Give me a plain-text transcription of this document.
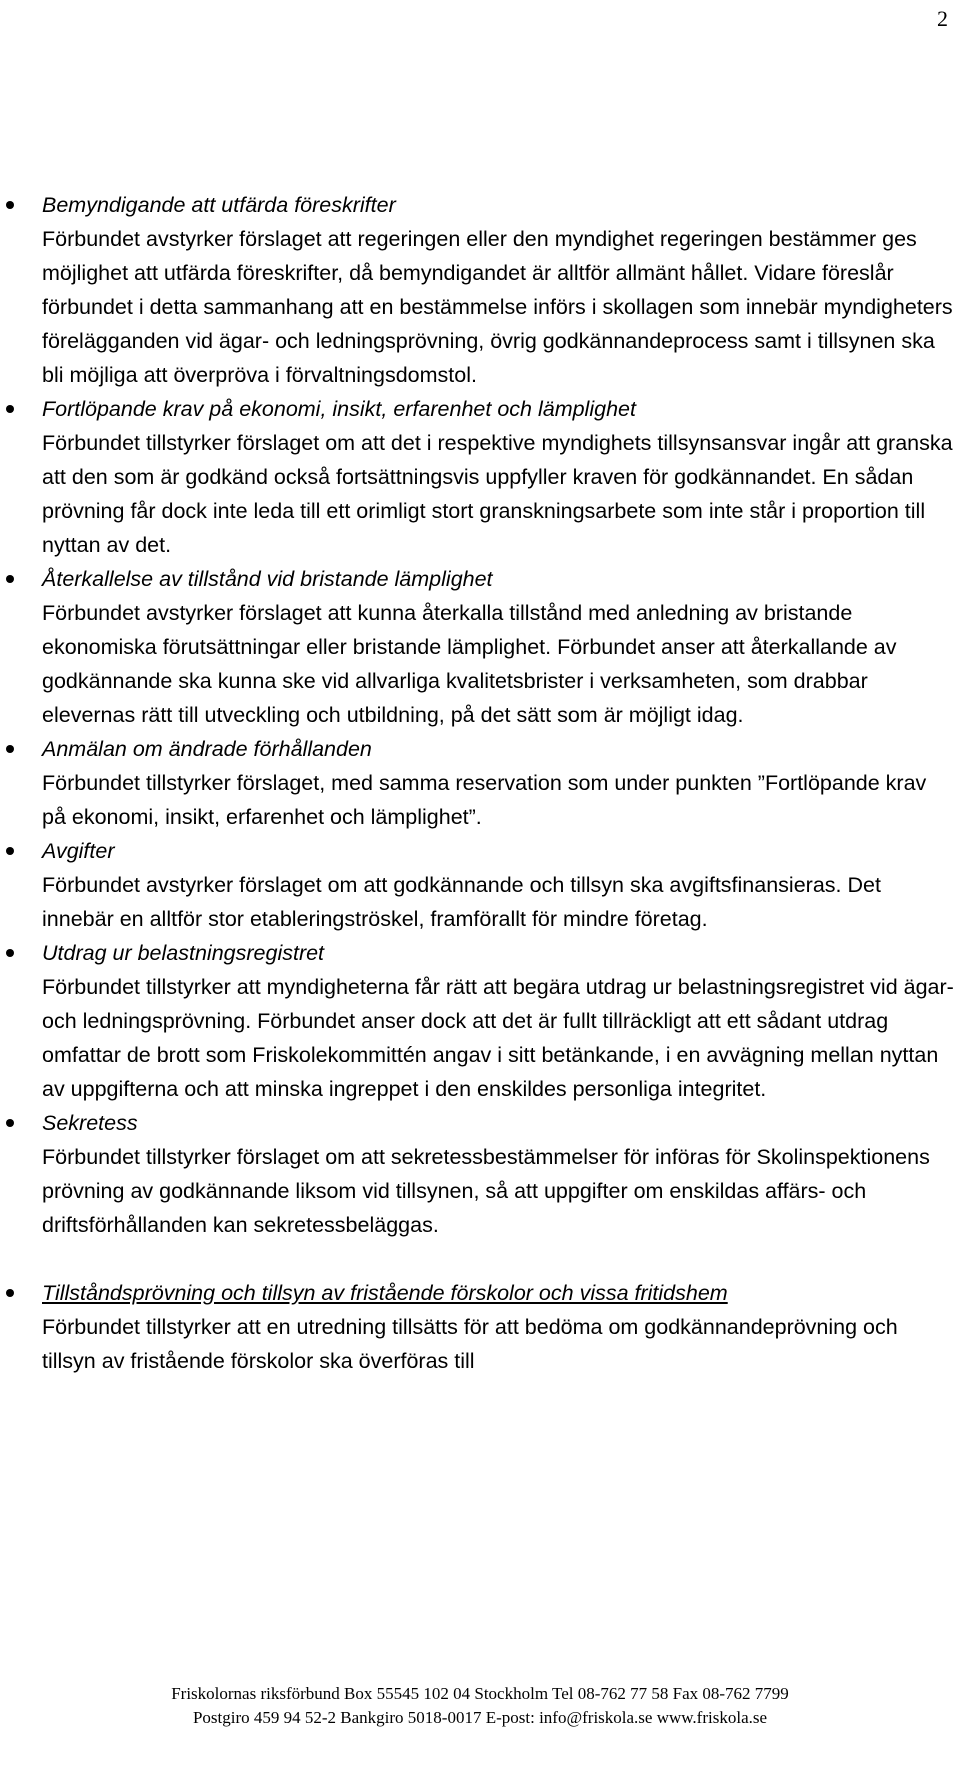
2
Bemyndigande att utfärda föreskrifter
Förbundet avstyrker förslaget att regeringen eller den myndighet regeringen bestämmer ges möjlighet att utfärda föreskrifter, då bemyndigandet är alltför allmänt hållet. Vidare föreslår förbundet i detta sammanhang att en bestämmelse införs i skollagen som innebär myndigheters förelägganden vid ägar- och ledningsprövning, övrig godkännandeprocess samt i tillsynen ska bli möjliga att överpröva i förvaltningsdomstol.
Fortlöpande krav på ekonomi, insikt, erfarenhet och lämplighet
Förbundet tillstyrker förslaget om att det i respektive myndighets tillsynsansvar ingår att granska att den som är godkänd också fortsättningsvis uppfyller kraven för godkännandet. En sådan prövning får dock inte leda till ett orimligt stort granskningsarbete som inte står i proportion till nyttan av det.
Återkallelse av tillstånd vid bristande lämplighet
Förbundet avstyrker förslaget att kunna återkalla tillstånd med anledning av bristande ekonomiska förutsättningar eller bristande lämplighet. Förbundet anser att återkallande av godkännande ska kunna ske vid allvarliga kvalitetsbrister i verksamheten, som drabbar elevernas rätt till utveckling och utbildning, på det sätt som är möjligt idag.
Anmälan om ändrade förhållanden
Förbundet tillstyrker förslaget, med samma reservation som under punkten ”Fortlöpande krav på ekonomi, insikt, erfarenhet och lämplighet”.
Avgifter
Förbundet avstyrker förslaget om att godkännande och tillsyn ska avgiftsfinansieras. Det innebär en alltför stor etableringströskel, framförallt för mindre företag.
Utdrag ur belastningsregistret
Förbundet tillstyrker att myndigheterna får rätt att begära utdrag ur belastningsregistret vid ägar- och ledningsprövning. Förbundet anser dock att det är fullt tillräckligt att ett sådant utdrag omfattar de brott som Friskolekommittén angav i sitt betänkande, i en avvägning mellan nyttan av uppgifterna och att minska ingreppet i den enskildes personliga integritet.
Sekretess
Förbundet tillstyrker förslaget om att sekretessbestämmelser för införas för Skolinspektionens prövning av godkännande liksom vid tillsynen, så att uppgifter om enskildas affärs- och driftsförhållanden kan sekretessbeläggas.
Tillståndsprövning och tillsyn av fristående förskolor och vissa fritidshem
Förbundet tillstyrker att en utredning tillsätts för att bedöma om godkännandeprövning och tillsyn av fristående förskolor ska överföras till
Friskolornas riksförbund Box 55545 102 04 Stockholm Tel 08-762 77 58 Fax 08-762 7799
Postgiro 459 94 52-2 Bankgiro 5018-0017 E-post: info@friskola.se www.friskola.se
